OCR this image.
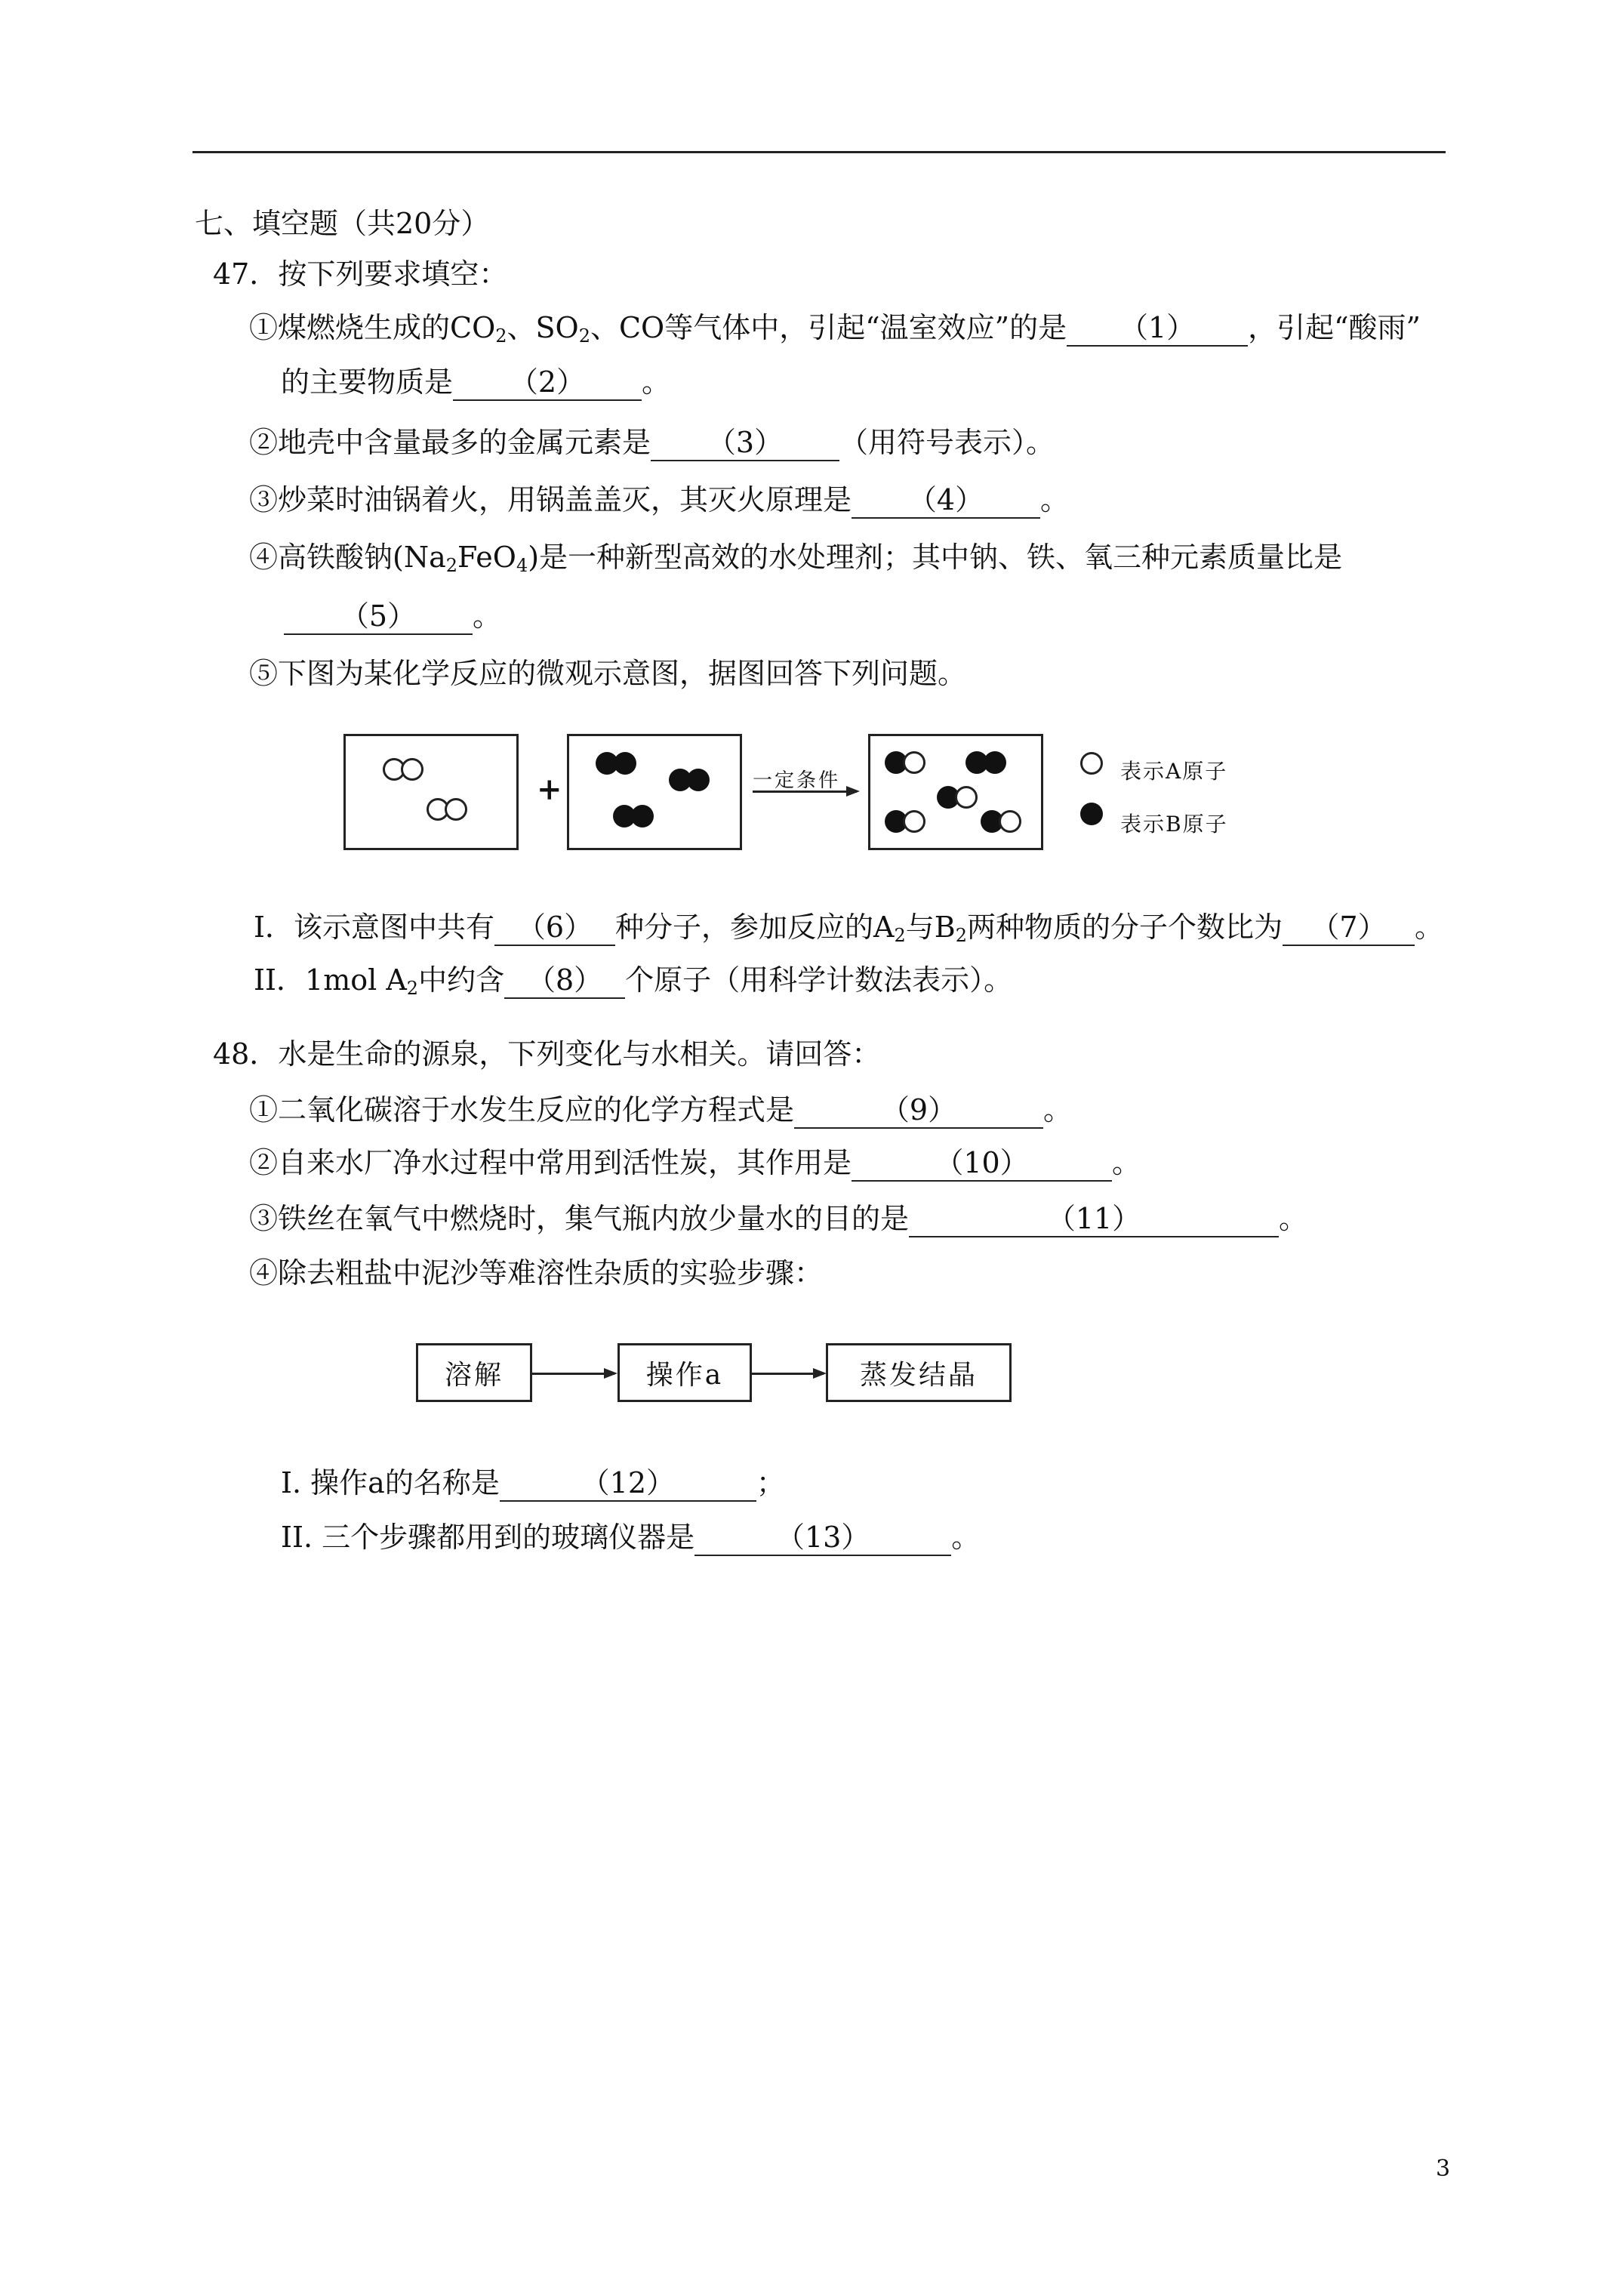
七、填空题（共20分）
47．按下列要求填空：
①煤燃烧生成的$CO_2$、$SO_2$、CO等气体中，引起“温室效应”的是 （1） ，引起“酸雨”
的主要物质是 （2） 。
②地壳中含量最多的金属元素是 （3） （用符号表示）。
③炒菜时油锅着火，用锅盖盖灭，其灭火原理是 （4） 。
④高铁酸钠$(Na_2FeO_4)$是一种新型高效的水处理剂；其中钠、铁、氧三种元素质量比是
（5） 。
⑤下图为某化学反应的微观示意图，据图回答下列问题。
+	一定条件	表示A原子
表示B原子
I．该示意图中共有 （6） 种分子，参加反应的$A_2$与$B_2$两种物质的分子个数比为 （7） 。
II．1mol $A_2$中约含 （8） 个原子（用科学计数法表示）。
48．水是生命的源泉，下列变化与水相关。请回答：
①二氧化碳溶于水发生反应的化学方程式是	（9）	。
②自来水厂净水过程中常用到活性炭，其作用是	（10）	。
③铁丝在氧气中燃烧时，集气瓶内放少量水的目的是	（11）	。
④除去粗盐中泥沙等难溶性杂质的实验步骤：
溶解	操作a	蒸发结晶
I. 操作a的名称是	（12）	；
II. 三个步骤都用到的玻璃仪器是	（13）	。
3
